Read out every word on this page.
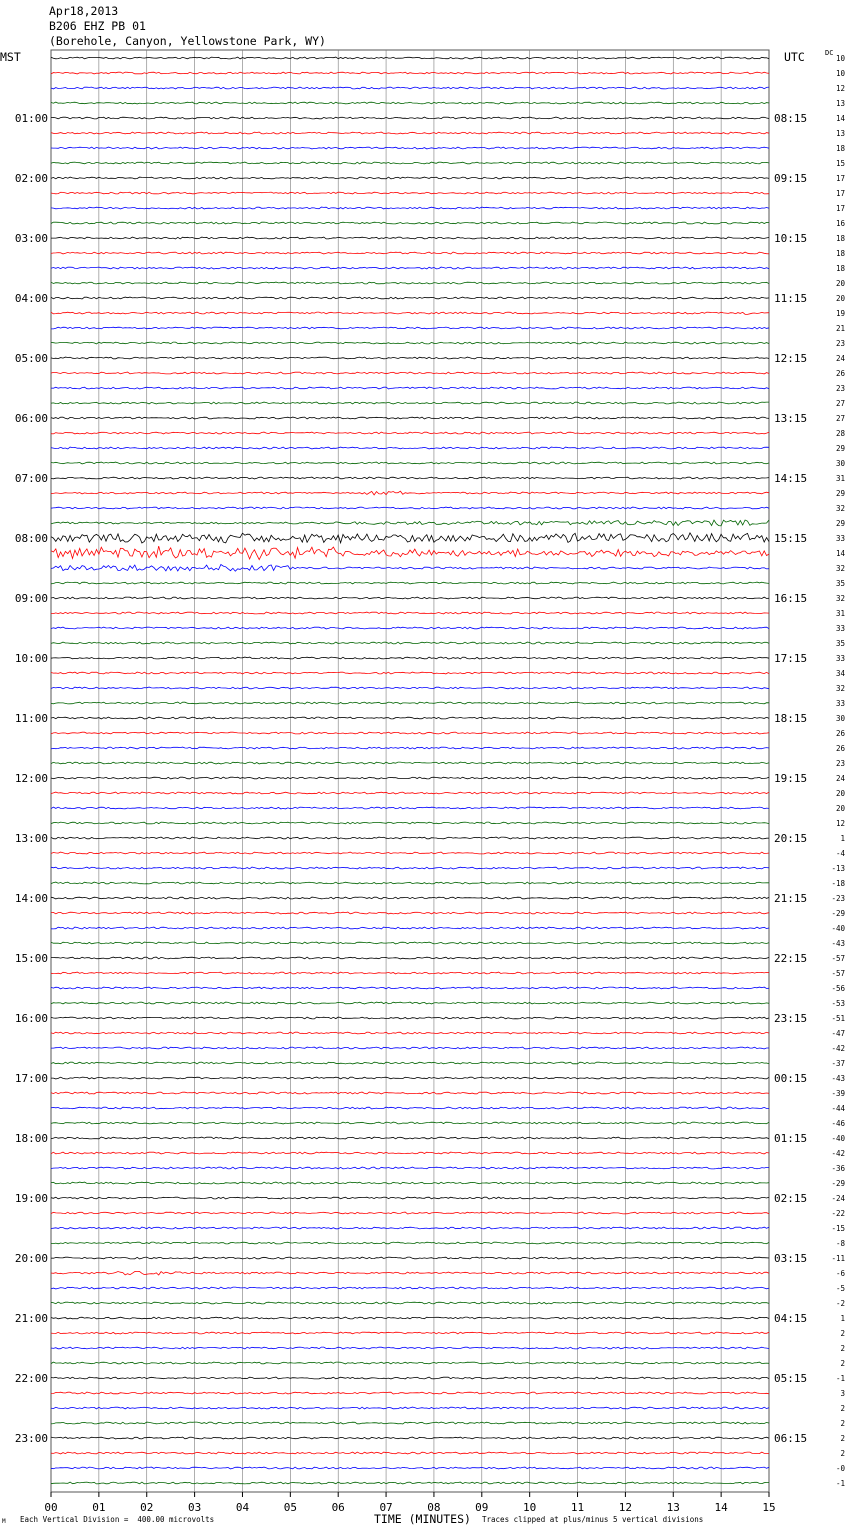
Apr18,2013
B206 EHZ PB 01
(Borehole, Canyon, Yellowstone Park, WY)
MST	UTC	DC
01:00
02:00
03:00
04:00
05:00
06:00
07:00
08:00
09:00
10:00
11:00
12:00
13:00
14:00
15:00
16:00
17:00
18:00
19:00
20:00
21:00
22:00
23:00
08:15
09:15
10:15
11:15
12:15
13:15
14:15
15:15
16:15
17:15
18:15
19:15
20:15
21:15
22:15
23:15
00:15
01:15
02:15
03:15
04:15
05:15
06:15
10
10
12
13
14
13
18
15
17
17
17
16
18
18
18
20
20
19
21
23
24
26
23
27
27
28
29
30
31
29
32
29
33
14
32
35
32
31
33
35
33
34
32
33
30
26
26
23
24
20
20
12
1
-4
-13
-18
-23
-29
-40
-43
-57
-57
-56
-53
-51
-47
-42
-37
-43
-39
-44
-46
-40
-42
-36
-29
-24
-22
-15
-8
-11
-6
-5
-2
1
2
2
2
-1
3
2
2
2
2
-0
-1
00	01	02	03	04	05	06	07	08	09	10	11	12	13	14	15
M Each Vertical Division =  400.00 microvolts	TIME (MINUTES) Traces clipped at plus/minus 5 vertical divisions
